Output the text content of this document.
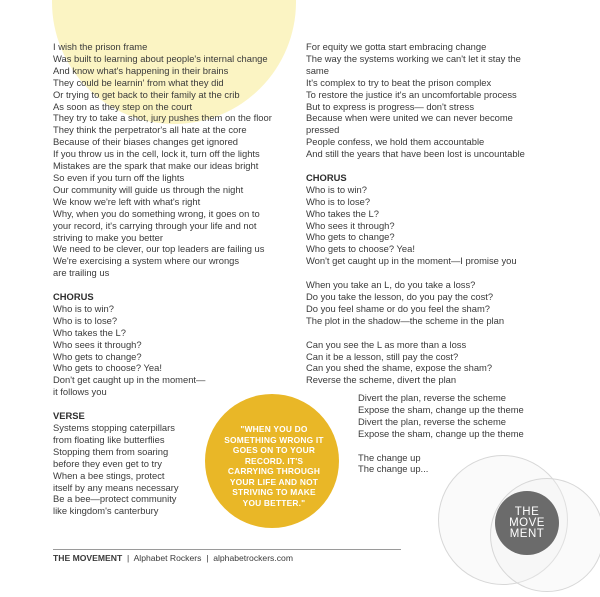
I wish the prison frame
Was built to learning about people's internal change
And know what's happening in their brains
They could be learnin' from what they did
Or trying to get back to their family at the crib
As soon as they step on the court
They try to take a shot, jury pushes them on the floor
They think the perpetrator's all hate at the core
Because of their biases changes get ignored
If you throw us in the cell, lock it, turn off the lights
Mistakes are the spark that make our ideas bright
So even if you turn off the lights
Our community will guide us through the night
We know we're left with what's right
Why, when you do something wrong, it goes on to
your record, it's carrying through your life and not
striving to make you better
We need to be clever, our top leaders are failing us
We're exercising a system where our wrongs
are trailing us
CHORUS
Who is to win?
Who is to lose?
Who takes the L?
Who sees it through?
Who gets to change?
Who gets to choose? Yea!
Don't get caught up in the moment—
it follows you
VERSE
Systems stopping caterpillars
from floating like butterflies
Stopping them from soaring
before they even get to try
When a bee stings, protect
itself by any means necessary
Be a bee—protect community
like kingdom's canterbury
For equity we gotta start embracing change
The way the systems working we can't let it stay the
same
It's complex to try to beat the prison complex
To restore the justice it's an uncomfortable process
But to express is progress— don't stress
Because when were united we can never become
pressed
People confess, we hold them accountable
And still the years that have been lost is uncountable
CHORUS
Who is to win?
Who is to lose?
Who takes the L?
Who sees it through?
Who gets to change?
Who gets to choose? Yea!
Won't get caught up in the moment—I promise you
When you take an L, do you take a loss?
Do you take the lesson, do you pay the cost?
Do you feel shame or do you feel the sham?
The plot in the shadow—the scheme in the plan
Can you see the L as more than a loss
Can it be a lesson, still pay the cost?
Can you shed the shame, expose the sham?
Reverse the scheme, divert the plan
Divert the plan, reverse the scheme
Expose the sham, change up the theme
Divert the plan, reverse the scheme
Expose the sham, change up the theme
The change up
The change up...
"WHEN YOU DO SOMETHING WRONG IT GOES ON TO YOUR RECORD. IT'S CARRYING THROUGH YOUR LIFE AND NOT STRIVING TO MAKE YOU BETTER."
THE
MOVE
MENT
THE MOVEMENT | Alphabet Rockers | alphabetrockers.com
